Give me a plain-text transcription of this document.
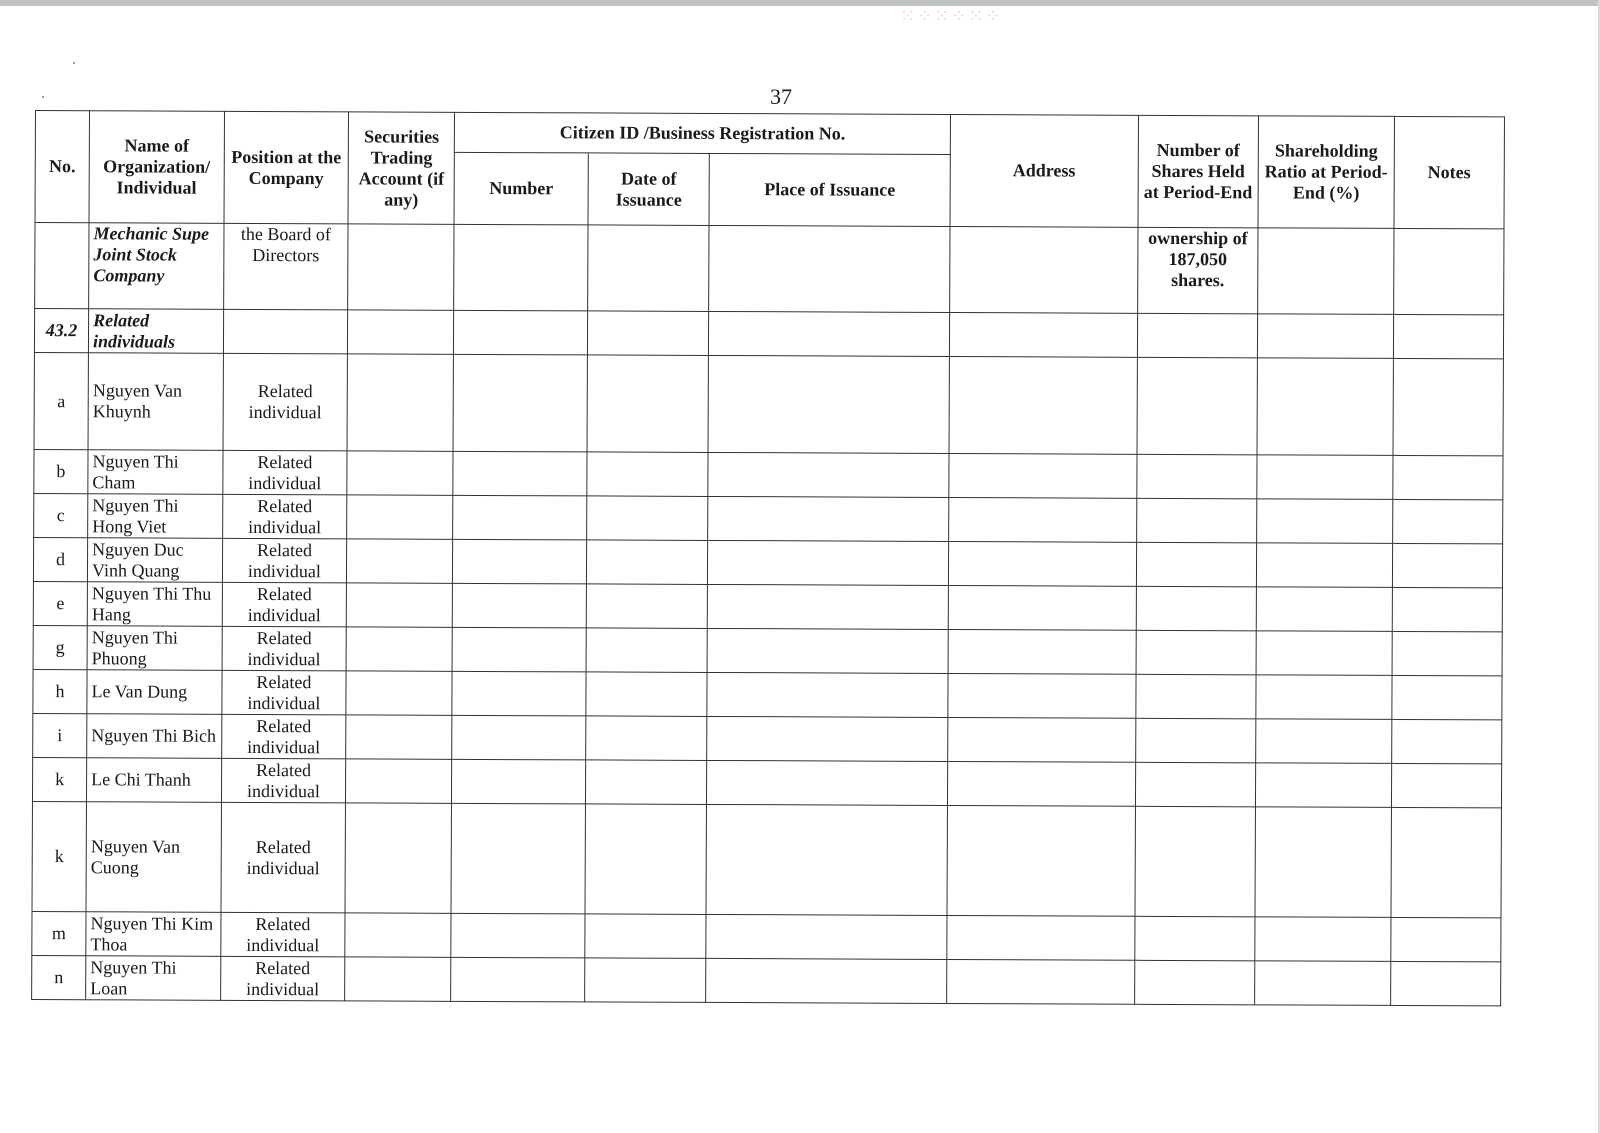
⁙⁘⁙⁘⁙⁘
37
No.	Name of Organization/ Individual	Position at the Company	Securities Trading Account (if any)	Citizen ID /Business Registration No.			Address	Number of Shares Held at Period-End	Shareholding Ratio at Period-End (%)	Notes
				Number	Date of Issuance	Place of Issuance				
	Mechanic Supe Joint Stock Company	the Board of Directors						ownership of 187,050 shares.		
43.2	Related individuals									
a	Nguyen Van Khuynh	Related individual								
b	Nguyen Thi Cham	Related individual								
c	Nguyen Thi Hong Viet	Related individual								
d	Nguyen Duc Vinh Quang	Related individual								
e	Nguyen Thi Thu Hang	Related individual								
g	Nguyen Thi Phuong	Related individual								
h	Le Van Dung	Related individual								
i	Nguyen Thi Bich	Related individual								
k	Le Chi Thanh	Related individual								
k	Nguyen Van Cuong	Related individual								
m	Nguyen Thi Kim Thoa	Related individual								
n	Nguyen Thi Loan	Related individual								
